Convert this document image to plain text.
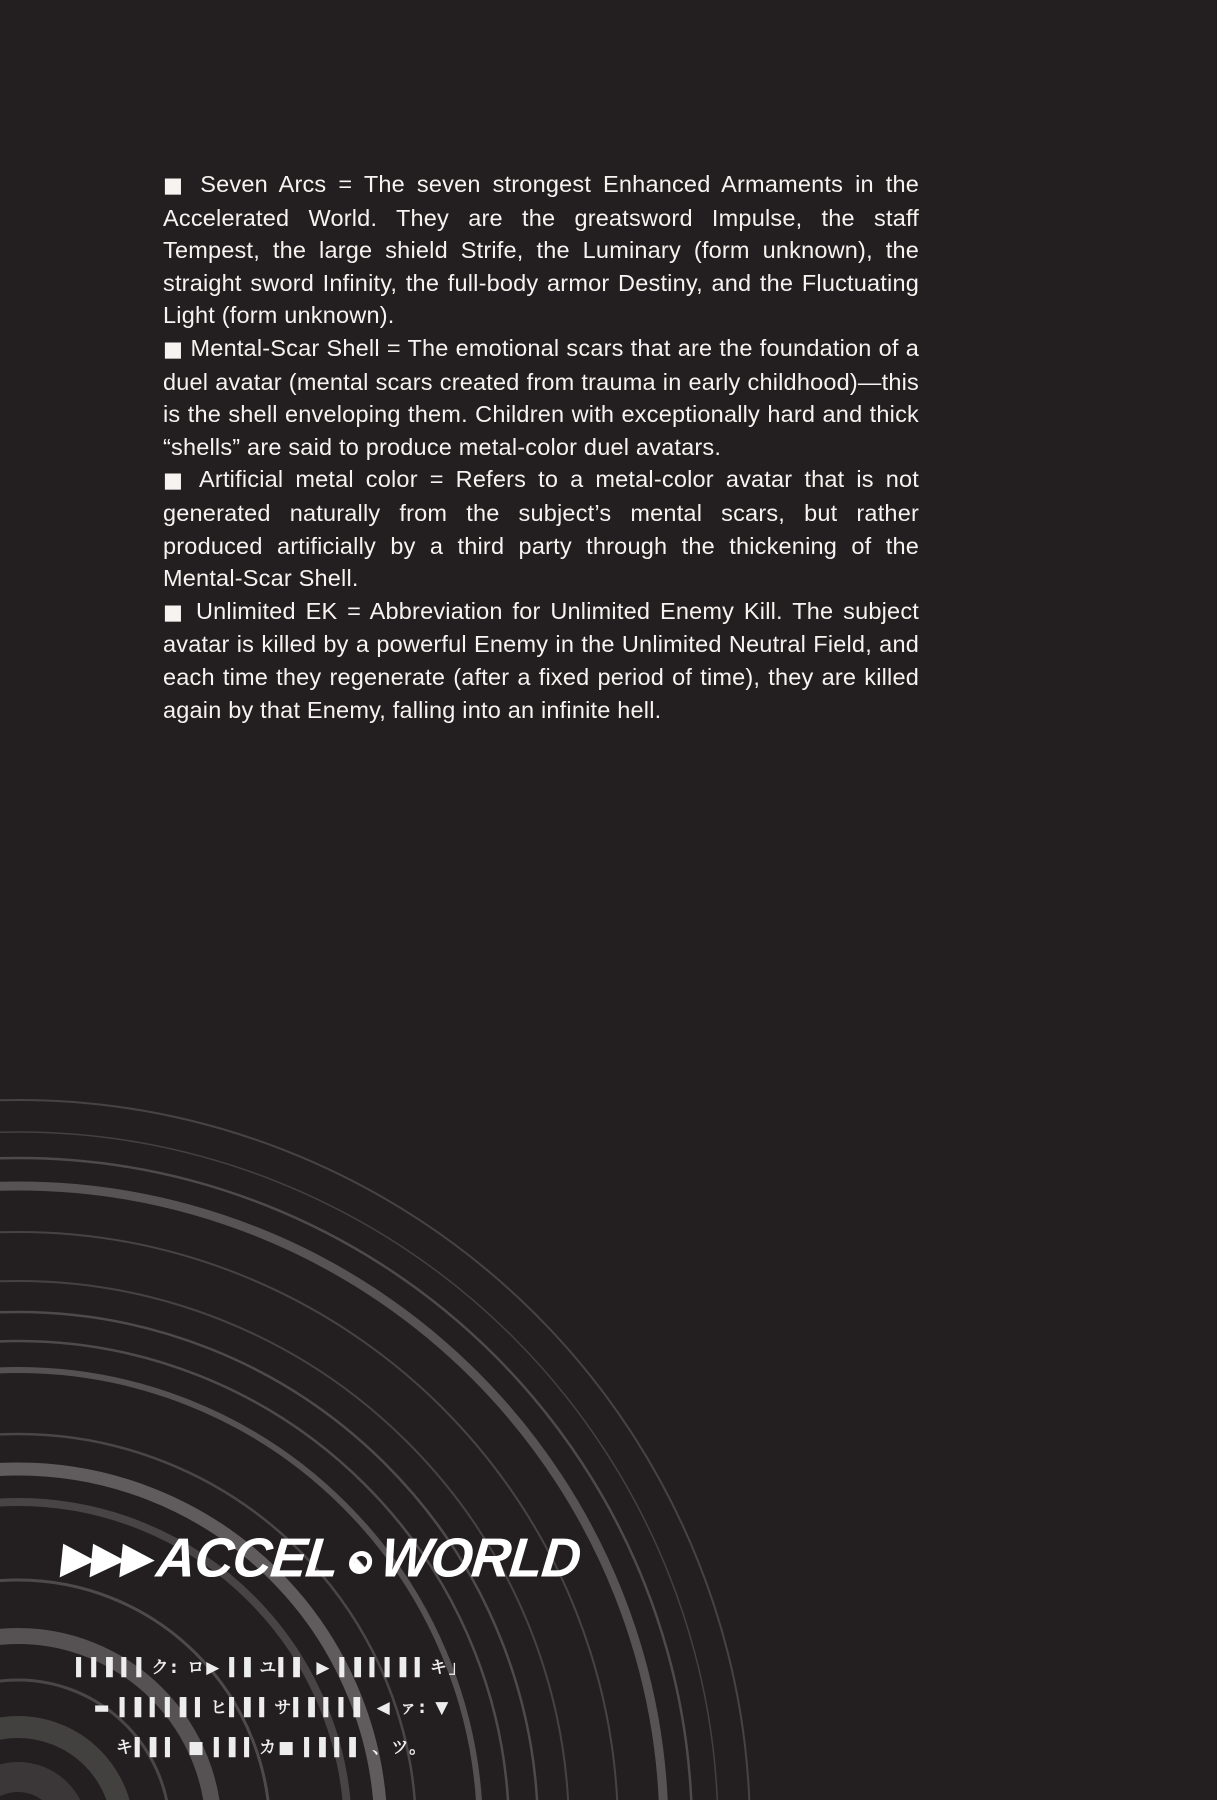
■ Seven Arcs = The seven strongest Enhanced Armaments in the Accelerated World. They are the greatsword Impulse, the staff Tempest, the large shield Strife, the Luminary (form unknown), the straight sword Infinity, the full-body armor Destiny, and the Fluctuating Light (form unknown).

■ Mental-Scar Shell = The emotional scars that are the foundation of a duel avatar (mental scars created from trauma in early childhood)—this is the shell enveloping them. Children with exceptionally hard and thick “shells” are said to produce metal-color duel avatars.

■ Artificial metal color = Refers to a metal-color avatar that is not generated naturally from the subject’s mental scars, but rather produced artificially by a third party through the thickening of the Mental-Scar Shell.

■ Unlimited EK = Abbreviation for Unlimited Enemy Kill. The subject avatar is killed by a powerful Enemy in the Unlimited Neutral Field, and each time they regenerate (after a fixed period of time), they are killed again by that Enemy, falling into an infinite hell.

▶
▶
▶
ACCEL WORLD
▍▍▌▍▍ク: ロ▶ ▍▌ユ▍▌ ▶ ▍▌▍▍▌▍キ」
▬ ▍▌▍▍▌▍ヒ▍▌▍サ▍▌▍▍▌ ◀ ァ: ▼
キ▍▌▍ ■ ▍▌▍カ■ ▍▌▍▌ 、ツ。
